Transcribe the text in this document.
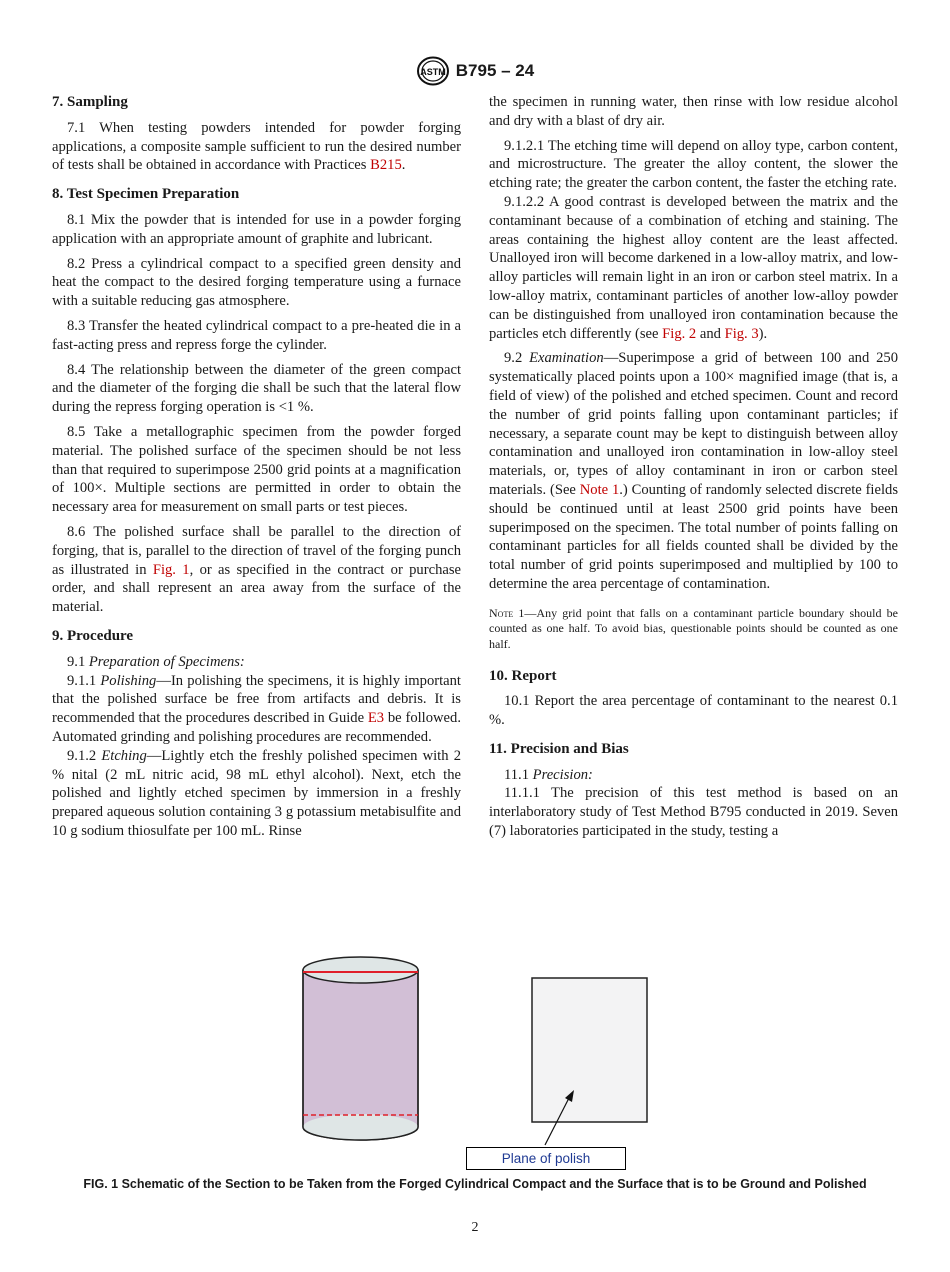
ASTM B795 – 24
7. Sampling

7.1 When testing powders intended for powder forging applications, a composite sample sufficient to run the desired number of tests shall be obtained in accordance with Practices B215.

8. Test Specimen Preparation

8.1 Mix the powder that is intended for use in a powder forging application with an appropriate amount of graphite and lubricant.

8.2 Press a cylindrical compact to a specified green density and heat the compact to the desired forging temperature using a furnace with a suitable reducing gas atmosphere.

8.3 Transfer the heated cylindrical compact to a pre-heated die in a fast-acting press and repress forge the cylinder.

8.4 The relationship between the diameter of the green compact and the diameter of the forging die shall be such that the lateral flow during the repress forging operation is <1 %.

8.5 Take a metallographic specimen from the powder forged material. The polished surface of the specimen should be not less than that required to superimpose 2500 grid points at a magnification of 100×. Multiple sections are permitted in order to obtain the necessary area for measurement on small parts or test pieces.

8.6 The polished surface shall be parallel to the direction of forging, that is, parallel to the direction of travel of the forging punch as illustrated in Fig. 1, or as specified in the contract or purchase order, and shall represent an area away from the surface of the material.

9. Procedure

9.1 Preparation of Specimens:

9.1.1 Polishing—In polishing the specimens, it is highly important that the polished surface be free from artifacts and debris. It is recommended that the procedures described in Guide E3 be followed. Automated grinding and polishing procedures are recommended.

9.1.2 Etching—Lightly etch the freshly polished specimen with 2 % nital (2 mL nitric acid, 98 mL ethyl alcohol). Next, etch the polished and lightly etched specimen by immersion in a freshly prepared aqueous solution containing 3 g potassium metabisulfite and 10 g sodium thiosulfate per 100 mL. Rinse

the specimen in running water, then rinse with low residue alcohol and dry with a blast of dry air.

9.1.2.1 The etching time will depend on alloy type, carbon content, and microstructure. The greater the alloy content, the slower the etching rate; the greater the carbon content, the faster the etching rate.

9.1.2.2 A good contrast is developed between the matrix and the contaminant because of a combination of etching and staining. The areas containing the highest alloy content are the least affected. Unalloyed iron will become darkened in a low-alloy matrix, and low-alloy particles will remain light in an iron or carbon steel matrix. In a low-alloy matrix, contaminant particles of another low-alloy powder can be distinguished from unalloyed iron contamination because the particles etch differently (see Fig. 2 and Fig. 3).

9.2 Examination—Superimpose a grid of between 100 and 250 systematically placed points upon a 100× magnified image (that is, a field of view) of the polished and etched specimen. Count and record the number of grid points falling upon contaminant particles; if necessary, a separate count may be kept to distinguish between alloy contamination and unalloyed iron contamination in low-alloy steel materials, or, types of alloy contaminant in iron or carbon steel materials. (See Note 1.) Counting of randomly selected discrete fields should be continued until at least 2500 grid points have been superimposed on the specimen. The total number of points falling on contaminant particles for all fields counted shall be divided by the total number of grid points superimposed and multiplied by 100 to determine the area percentage of contamination.

Note 1—Any grid point that falls on a contaminant particle boundary should be counted as one half. To avoid bias, questionable points should be counted as one half.
10. Report

10.1 Report the area percentage of contaminant to the nearest 0.1 %.

11. Precision and Bias

11.1 Precision:

11.1.1 The precision of this test method is based on an interlaboratory study of Test Method B795 conducted in 2019. Seven (7) laboratories participated in the study, testing a

Plane of polish
FIG. 1 Schematic of the Section to be Taken from the Forged Cylindrical Compact and the Surface that is to be Ground and Polished
2
